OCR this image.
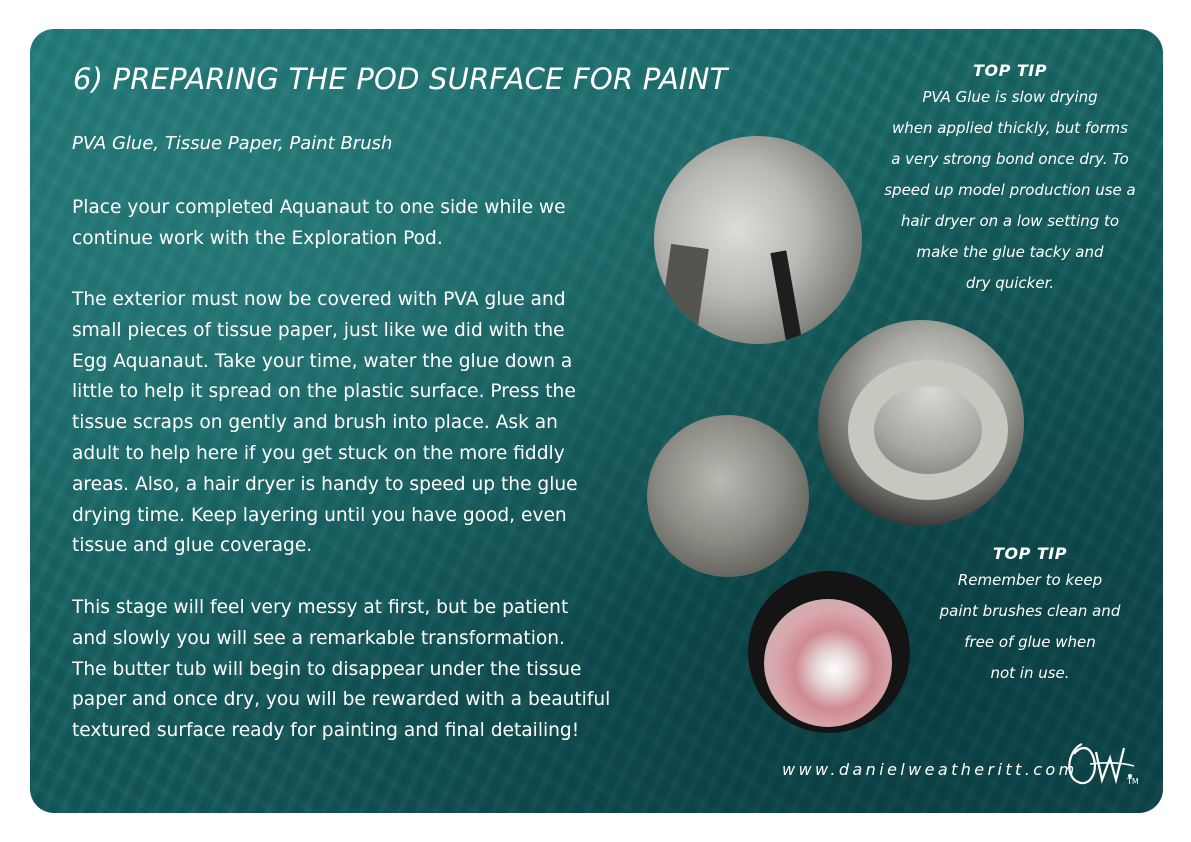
6) PREPARING THE POD SURFACE FOR PAINT
PVA Glue, Tissue Paper, Paint Brush

Place your completed Aquanaut to one side while we
continue work with the Exploration Pod.

The exterior must now be covered with PVA glue and
small pieces of tissue paper, just like we did with the
Egg Aquanaut. Take your time, water the glue down a
little to help it spread on the plastic surface. Press the
tissue scraps on gently and brush into place. Ask an
adult to help here if you get stuck on the more fiddly
areas. Also, a hair dryer is handy to speed up the glue
drying time. Keep layering until you have good, even
tissue and glue coverage.

This stage will feel very messy at first, but be patient
and slowly you will see a remarkable transformation.
The butter tub will begin to disappear under the tissue
paper and once dry, you will be rewarded with a beautiful
textured surface ready for painting and final detailing!

TOP TIP
PVA Glue is slow drying
when applied thickly, but forms
a very strong bond once dry. To
speed up model production use a
hair dryer on a low setting to
make the glue tacky and
dry quicker.
TOP TIP
Remember to keep
paint brushes clean and
free of glue when
not in use.
www.danielweatheritt.com
TM
